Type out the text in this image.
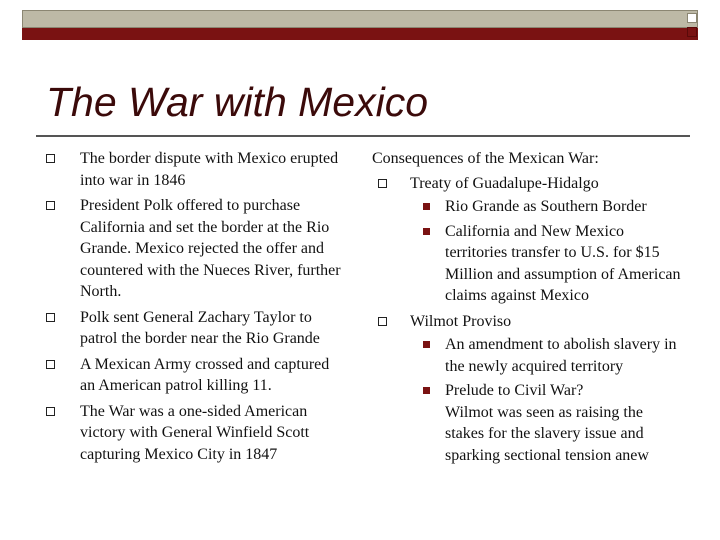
The War with Mexico
The border dispute with Mexico erupted into war in 1846
President Polk offered to purchase California and set the border at the Rio Grande. Mexico rejected the offer and countered with the Nueces River, further North.
Polk sent General Zachary Taylor to patrol the border near the Rio Grande
A Mexican Army crossed and captured an American patrol killing 11.
The War was a one-sided American victory with General Winfield Scott capturing Mexico City in 1847

Consequences of the Mexican War:

Treaty of Guadalupe-Hidalgo
Rio Grande as Southern Border
California and New Mexico territories transfer to U.S. for $15 Million and assumption of American claims against Mexico
Wilmot Proviso
An amendment to abolish slavery in the newly acquired territory
Prelude to Civil War?
Wilmot was seen as raising the stakes for the slavery issue and sparking sectional tension anew
